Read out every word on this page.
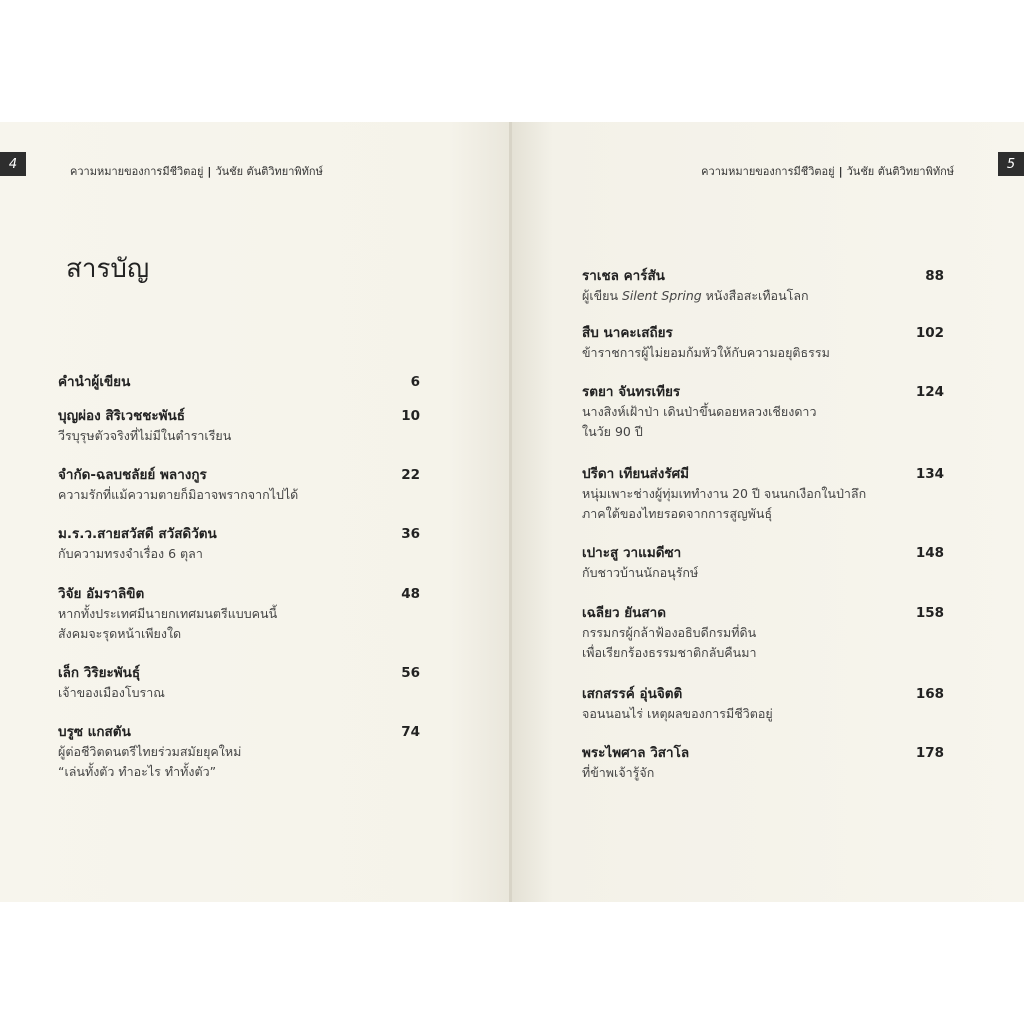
4	ความหมายของการมีชีวิตอยู่ | วันชัย ตันติวิทยาพิทักษ์
สารบัญ
คำนำผู้เขียน	6
บุญผ่อง สิริเวชชะพันธ์	10
วีรบุรุษตัวจริงที่ไม่มีในตำราเรียน
จำกัด-ฉลบชลัยย์ พลางกูร	22
ความรักที่แม้ความตายก็มิอาจพรากจากไปได้
ม.ร.ว.สายสวัสดี สวัสดิวัตน	36
กับความทรงจำเรื่อง 6 ตุลา
วิจัย อัมราลิขิต	48
หากทั้งประเทศมีนายกเทศมนตรีแบบคนนี้
สังคมจะรุดหน้าเพียงใด
เล็ก วิริยะพันธุ์	56
เจ้าของเมืองโบราณ
บรูซ แกสตัน	74
ผู้ต่อชีวิตดนตรีไทยร่วมสมัยยุคใหม่
“เล่นทั้งตัว ทำอะไร ทำทั้งตัว”
5
ความหมายของการมีชีวิตอยู่ | วันชัย ตันติวิทยาพิทักษ์
ราเชล คาร์สัน	88
ผู้เขียน Silent Spring หนังสือสะเทือนโลก
สืบ นาคะเสถียร	102
ข้าราชการผู้ไม่ยอมก้มหัวให้กับความอยุติธรรม
รตยา จันทรเทียร	124
นางสิงห์เฝ้าป่า เดินป่าขึ้นดอยหลวงเชียงดาว
ในวัย 90 ปี
ปรีดา เทียนส่งรัศมี	134
หนุ่มเพาะช่างผู้ทุ่มเททำงาน 20 ปี จนนกเงือกในป่าลึก
ภาคใต้ของไทยรอดจากการสูญพันธุ์
เปาะสู วาแมดีซา	148
กับชาวบ้านนักอนุรักษ์
เฉลียว ยันสาด	158
กรรมกรผู้กล้าฟ้องอธิบดีกรมที่ดิน
เพื่อเรียกร้องธรรมชาติกลับคืนมา
เสกสรรค์ อุ่นจิตติ	168
จอนนอนไร่ เหตุผลของการมีชีวิตอยู่
พระไพศาล วิสาโล	178
ที่ข้าพเจ้ารู้จัก
